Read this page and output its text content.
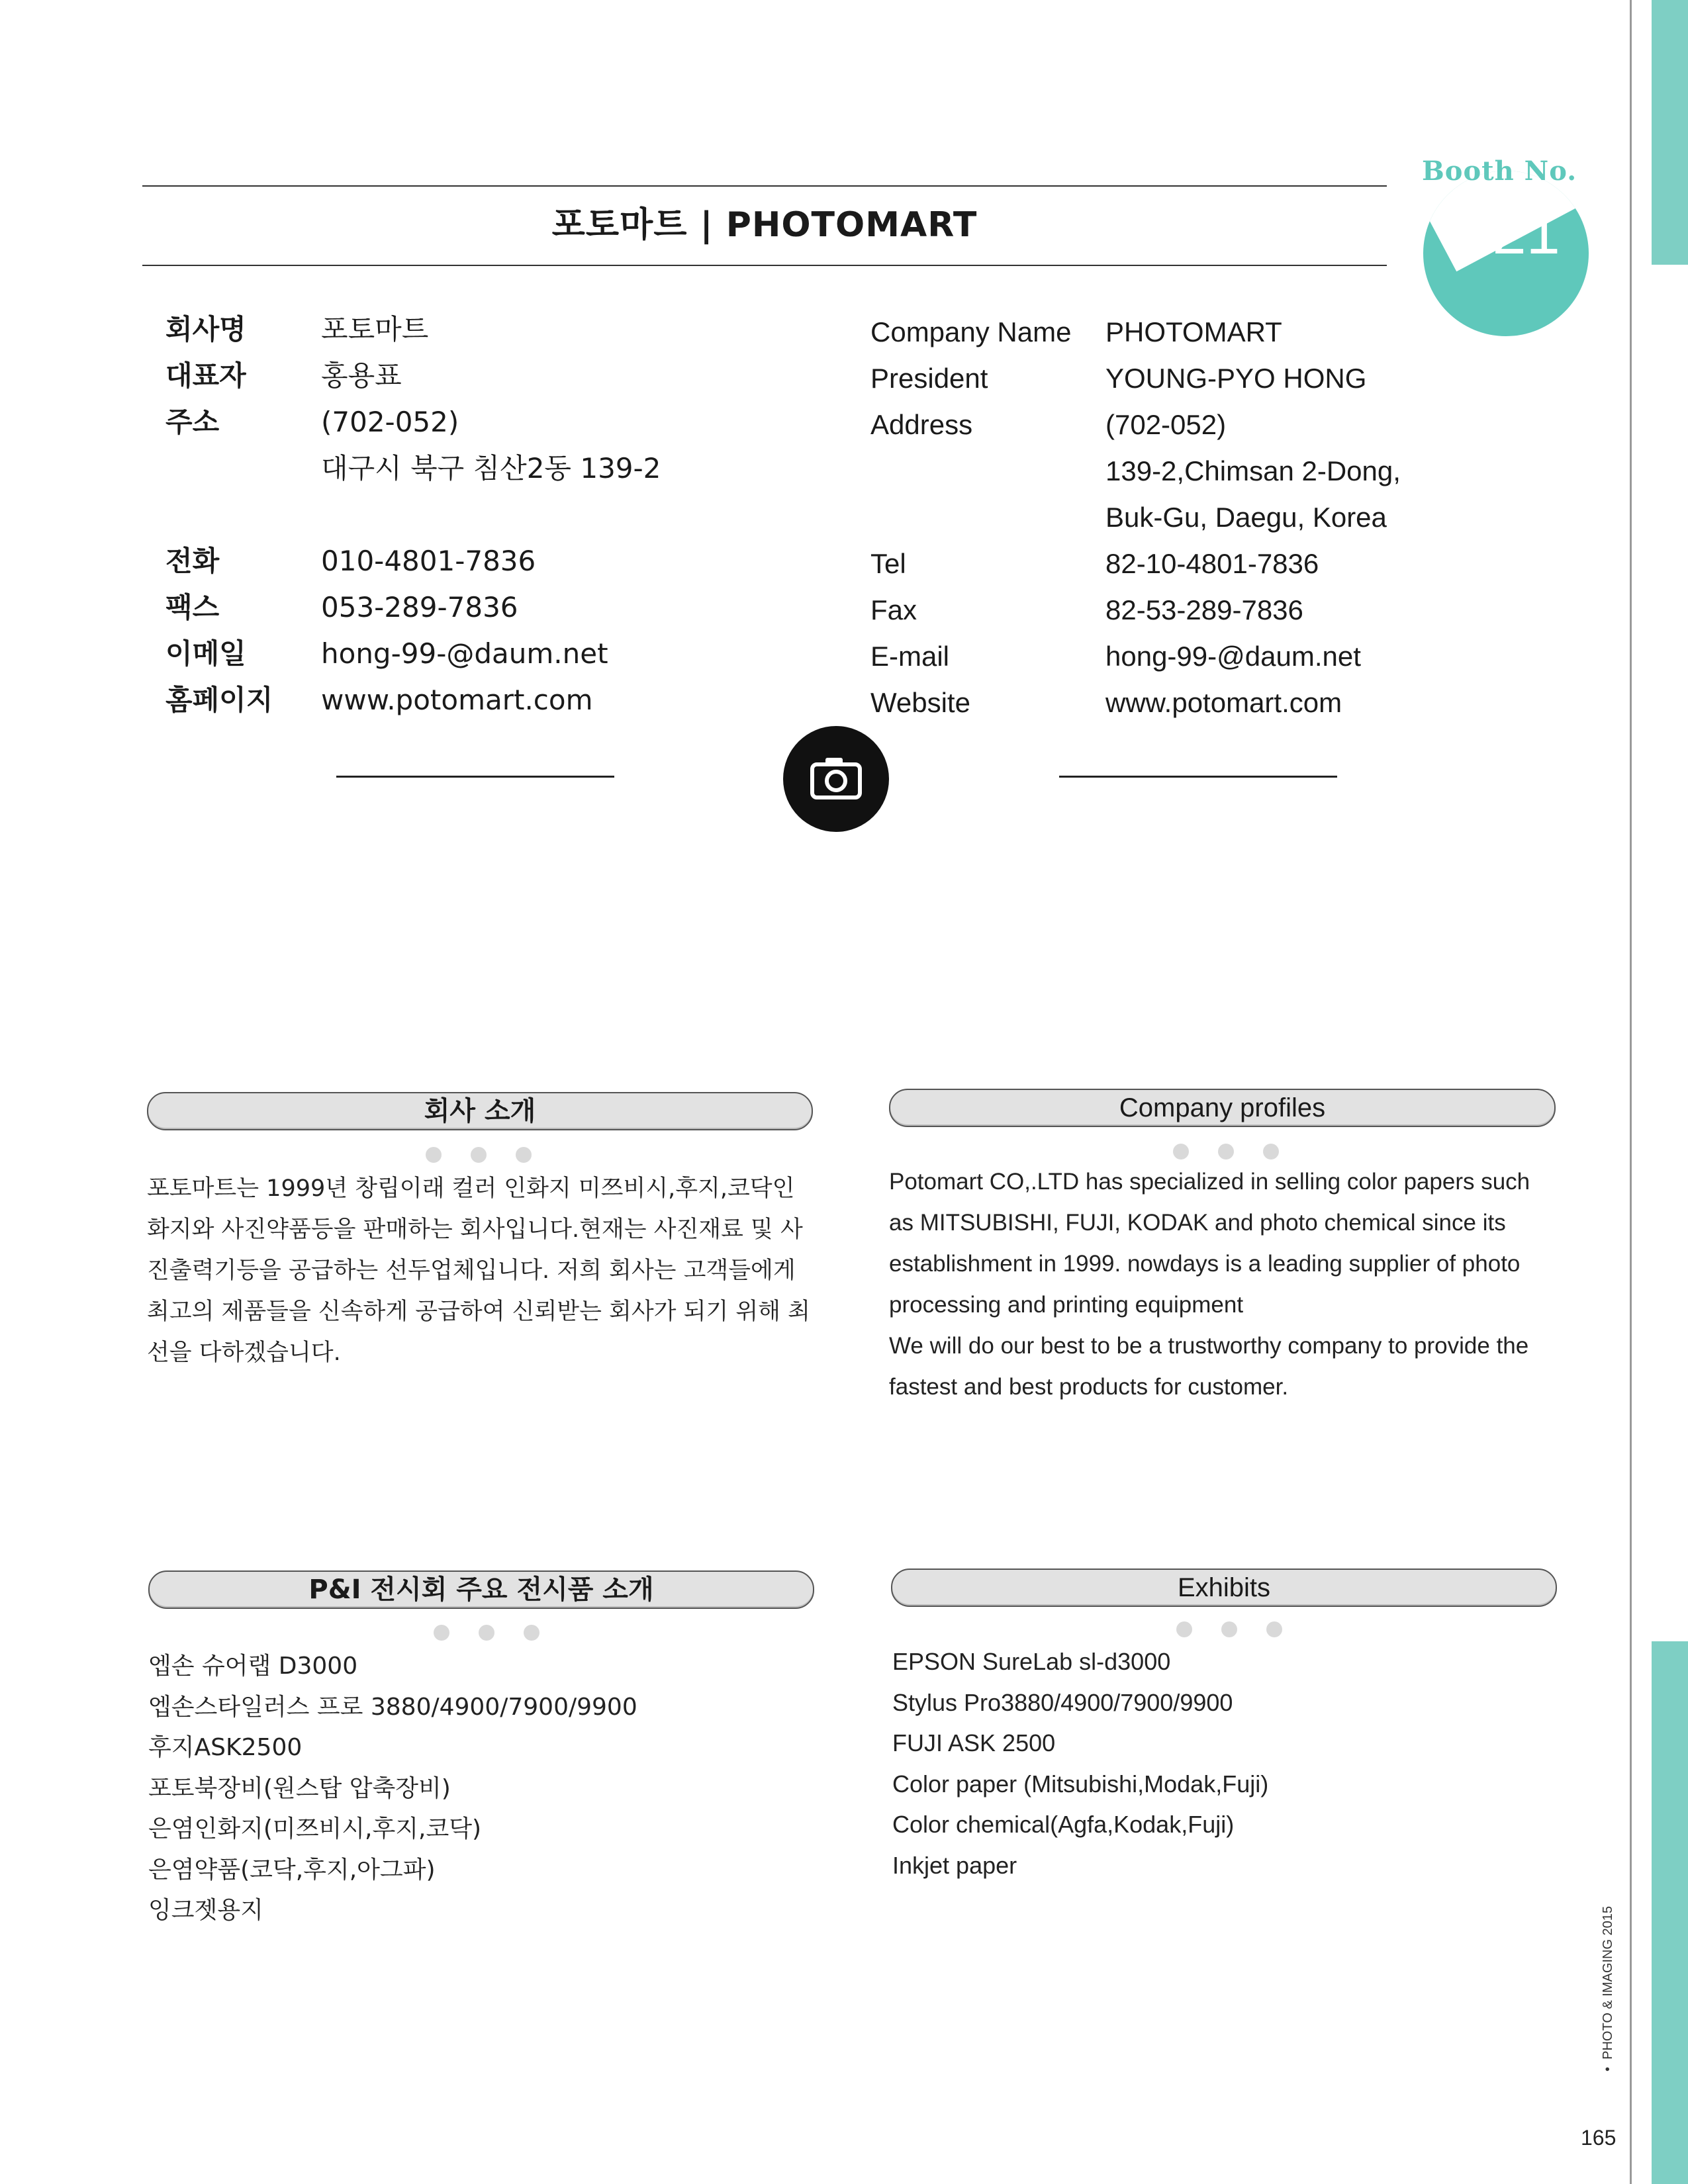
포토마트 | PHOTOMART
Booth No.
B21
회사명	포토마트
대표자	홍용표
주소	(702-052)
대구시 북구 침산2동 139-2
전화	010-4801-7836
팩스	053-289-7836
이메일	hong-99-@daum.net
홈페이지	www.potomart.com
Company Name	PHOTOMART
President	YOUNG-PYO HONG
Address	(702-052)
139-2,Chimsan 2-Dong,
Buk-Gu, Daegu, Korea
Tel	82-10-4801-7836
Fax	82-53-289-7836
E-mail	hong-99-@daum.net
Website	www.potomart.com
회사 소개
포토마트는 1999년 창립이래 컬러 인화지 미쯔비시,후지,코닥인화지와 사진약품등을 판매하는 회사입니다.현재는 사진재료 및 사진출력기등을 공급하는 선두업체입니다. 저희 회사는 고객들에게 최고의 제품들을 신속하게 공급하여 신뢰받는 회사가 되기 위해 최선을 다하겠습니다.
Company profiles
Potomart CO,.LTD has specialized in selling color papers such as MITSUBISHI, FUJI, KODAK and photo chemical since its establishment in 1999. nowdays is a leading supplier of photo processing and printing equipment
We will do our best to be a trustworthy company to provide the fastest and best products for customer.
P&I 전시회 주요 전시품 소개
엡손 슈어랩 D3000
엡손스타일러스 프로 3880/4900/7900/9900
후지ASK2500
포토북장비(원스탑 압축장비)
은염인화지(미쯔비시,후지,코닥)
은염약품(코닥,후지,아그파)
잉크젯용지
Exhibits
EPSON SureLab sl-d3000
Stylus Pro3880/4900/7900/9900
FUJI ASK 2500
Color paper (Mitsubishi,Modak,Fuji)
Color chemical(Agfa,Kodak,Fuji)
Inkjet paper
•  PHOTO & IMAGING 2015
165
